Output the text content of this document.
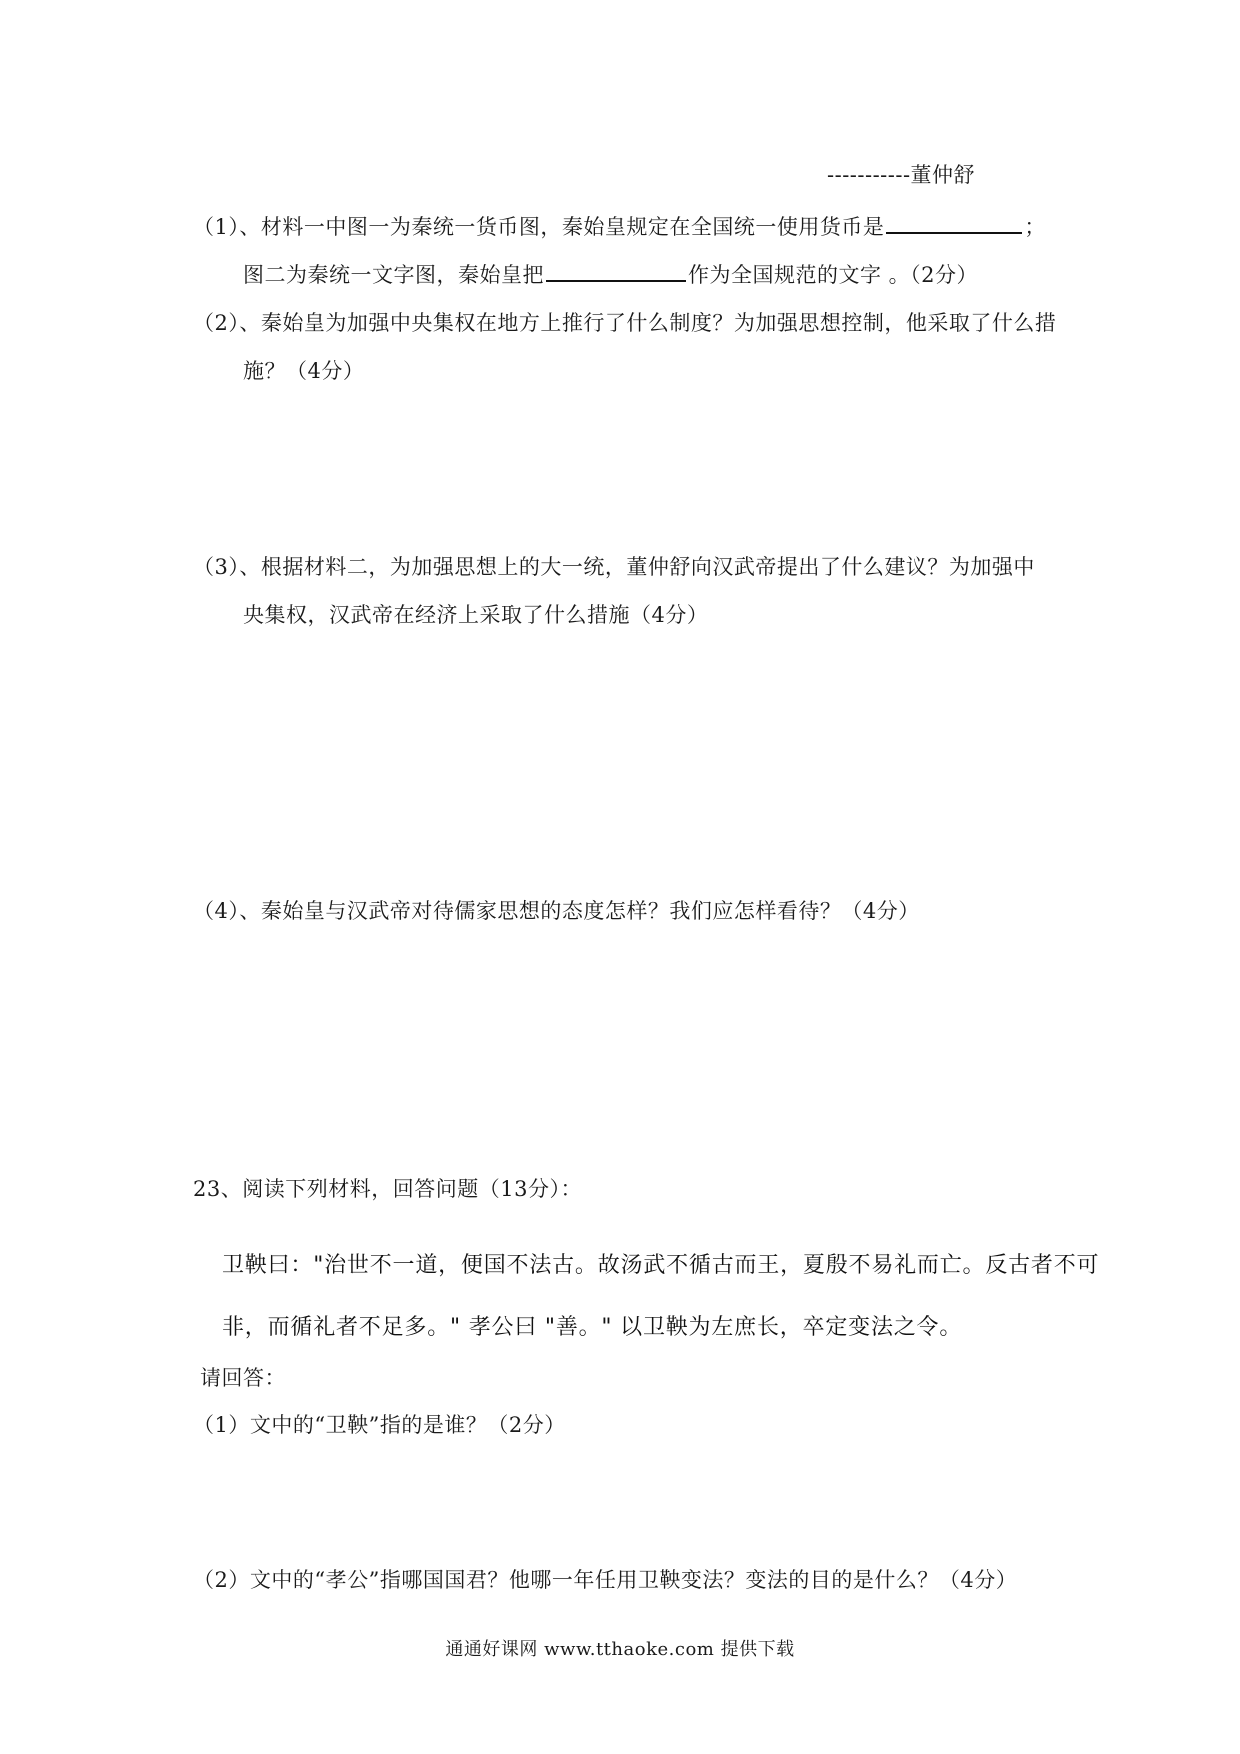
-----------董仲舒
（1）、材料一中图一为秦统一货币图，秦始皇规定在全国统一使用货币是	；
图二为秦统一文字图，秦始皇把	作为全国规范的文字 。（2分）
（2）、秦始皇为加强中央集权在地方上推行了什么制度？为加强思想控制，他采取了什么措
施？（4分）
（3）、根据材料二，为加强思想上的大一统，董仲舒向汉武帝提出了什么建议？为加强中
央集权，汉武帝在经济上采取了什么措施（4分）
（4）、秦始皇与汉武帝对待儒家思想的态度怎样？我们应怎样看待？（4分）
23、阅读下列材料，回答问题（13分）：
卫鞅曰："治世不一道，便国不法古。故汤武不循古而王，夏殷不易礼而亡。反古者不可
非，而循礼者不足多。" 孝公曰 "善。" 以卫鞅为左庶长，卒定变法之令。
请回答：
（1）文中的“卫鞅”指的是谁？（2分）
（2）文中的“孝公”指哪国国君？他哪一年任用卫鞅变法？变法的目的是什么？（4分）
通通好课网 www.tthaoke.com 提供下载
